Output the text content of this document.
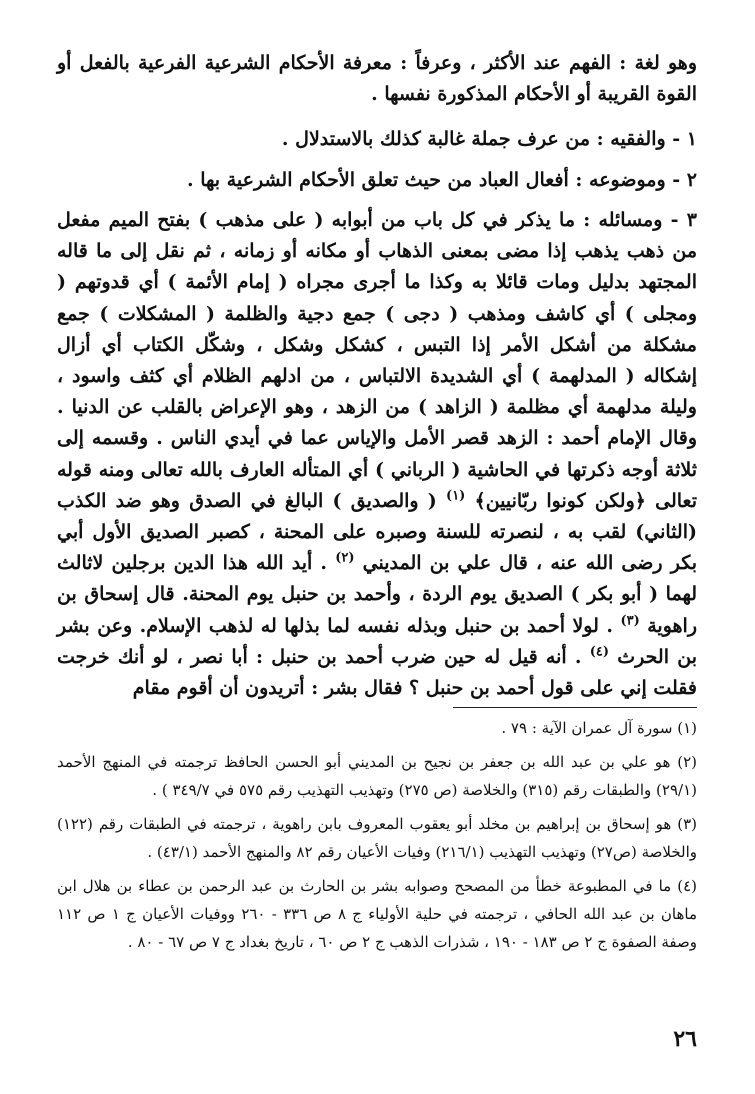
وهو لغة : الفهم عند الأكثر ، وعرفاً : معرفة الأحكام الشرعية الفرعية بالفعل أو القوة القريبة أو الأحكام المذكورة نفسها .

١ - والفقيه : من عرف جملة غالبة كذلك بالاستدلال .

٢ - وموضوعه : أفعال العباد من حيث تعلق الأحكام الشرعية بها .

٣ - ومسائله : ما يذكر في كل باب من أبوابه ( على مذهب ) بفتح الميم مفعل من ذهب يذهب إذا مضى بمعنى الذهاب أو مكانه أو زمانه ، ثم نقل إلى ما قاله المجتهد بدليل ومات قائلا به وكذا ما أجرى مجراه ( إمام الأئمة ) أي قدوتهم ( ومجلى ) أي كاشف ومذهب ( دجى ) جمع دجية والظلمة ( المشكلات ) جمع مشكلة من أشكل الأمر إذا التبس ، كشكل وشكل ، وشكّل الكتاب أي أزال إشكاله ( المدلهمة ) أي الشديدة الالتباس ، من ادلهم الظلام أي كثف واسود ، وليلة مدلهمة أي مظلمة ( الزاهد ) من الزهد ، وهو الإعراض بالقلب عن الدنيا . وقال الإمام أحمد : الزهد قصر الأمل والإياس عما في أيدي الناس . وقسمه إلى ثلاثة أوجه ذكرتها في الحاشية ( الرباني ) أي المتأله العارف بالله تعالى ومنه قوله تعالى ﴿ولكن كونوا ربّانيين﴾ $^{(١)}$ ( والصديق ) البالغ في الصدق وهو ضد الكذب (الثاني) لقب به ، لنصرته للسنة وصبره على المحنة ، كصبر الصديق الأول أبي بكر رضى الله عنه ، قال علي بن المديني $^{(٢)}$ . أيد الله هذا الدين برجلين لاثالث لهما ( أبو بكر ) الصديق يوم الردة ، وأحمد بن حنبل يوم المحنة. قال إسحاق بن راهوية $^{(٣)}$ . لولا أحمد بن حنبل وبذله نفسه لما بذلها له لذهب الإسلام. وعن بشر بن الحرث $^{(٤)}$ . أنه قيل له حين ضرب أحمد بن حنبل : أبا نصر ، لو أنك خرجت فقلت إني على قول أحمد بن حنبل ؟ فقال بشر : أتريدون أن أقوم مقام

(١) سورة آل عمران الآية : ٧٩ .

(٢) هو علي بن عبد الله بن جعفر بن نجيح بن المديني أبو الحسن الحافظ ترجمته في المنهج الأحمد (٢٩/١) والطبقات رقم (٣١٥) والخلاصة (ص ٢٧٥) وتهذيب التهذيب رقم ٥٧٥ في ٣٤٩/٧ ) .

(٣) هو إسحاق بن إبراهيم بن مخلد أبو يعقوب المعروف بابن راهوية ، ترجمته في الطبقات رقم (١٢٢) والخلاصة (ص٢٧) وتهذيب التهذيب (٢١٦/١) وفيات الأعيان رقم ٨٢ والمنهج الأحمد (٤٣/١) .

(٤) ما في المطبوعة خطأ من المصحح وصوابه بشر بن الحارث بن عبد الرحمن بن عطاء بن هلال ابن ماهان بن عبد الله الحافي ، ترجمته في حلية الأولياء ج ٨ ص ٣٣٦ - ٢٦٠ ووفيات الأعيان ج ١ ص ١١٢ وصفة الصفوة ج ٢ ص ١٨٣ - ١٩٠ ، شذرات الذهب ج ٢ ص ٦٠ ، تاريخ بغداد ج ٧ ص ٦٧ - ٨٠ .

٢٦
